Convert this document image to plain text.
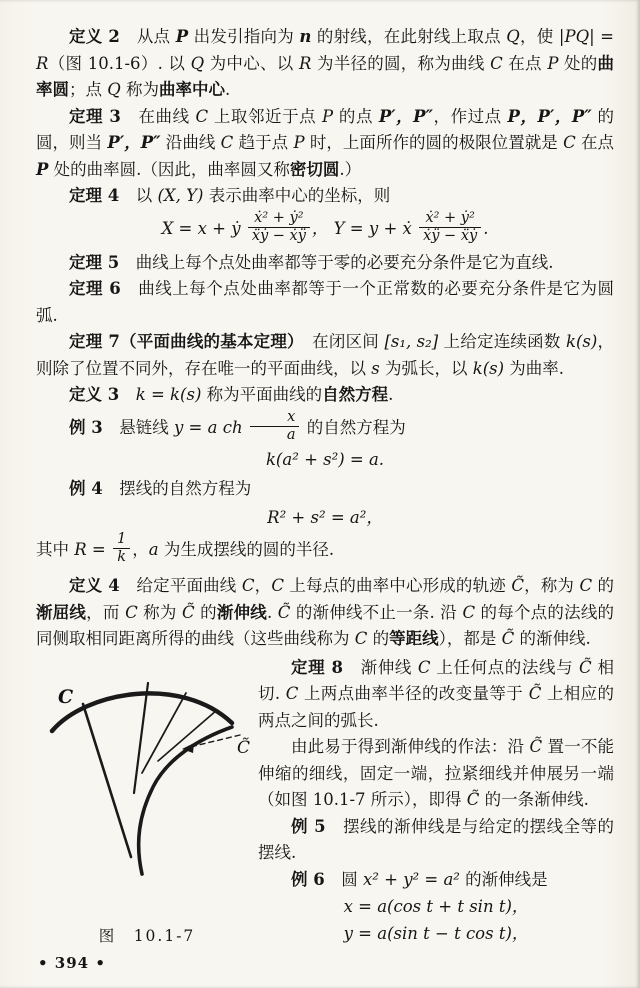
定义 2　从点 P 出发引指向为 n 的射线，在此射线上取点 Q，使 |PQ| = R（图 10.1-6）. 以 Q 为中心、以 R 为半径的圆，称为曲线 C 在点 P 处的曲率圆；点 Q 称为曲率中心.

定理 3　在曲线 C 上取邻近于点 P 的点 P′，P″，作过点 P，P′，P″ 的圆，则当 P′，P″ 沿曲线 C 趋于点 P 时，上面所作的圆的极限位置就是 C 在点 P 处的曲率圆.（因此，曲率圆又称密切圆.）

定理 4　以 (X, Y) 表示曲率中心的坐标，则

X = x + ẏ $\frac{\text{ẋ² + ẏ²}}{\text{ẍẏ − ẋÿ}}$ ， Y = y + ẋ $\frac{\text{ẋ² + ẏ²}}{\text{ẋÿ − ẍẏ}}$ .

定理 5　曲线上每个点处曲率都等于零的必要充分条件是它为直线.

定理 6　曲线上每个点处曲率都等于一个正常数的必要充分条件是它为圆弧.

定理 7（平面曲线的基本定理）　在闭区间 [s₁, s₂] 上给定连续函数 k(s)，则除了位置不同外，存在唯一的平面曲线，以 s 为弧长，以 k(s) 为曲率.

定义 3　 k = k(s) 称为平面曲线的自然方程.

例 3　悬链线 y = a ch $\frac{x}{a}$ 的自然方程为

k(a² + s²) = a.

例 4　摆线的自然方程为

R² + s² = a²，

其中 $R = \frac{1}{k}$ ，a 为生成摆线的圆的半径.

定义 4　给定平面曲线 C，C 上每点的曲率中心形成的轨迹 C̃，称为 C 的渐屈线，而 C 称为 C̃ 的渐伸线. C̃ 的渐伸线不止一条. 沿 C 的每个点的法线的同侧取相同距离所得的曲线（这些曲线称为 C 的等距线），都是 C̃ 的渐伸线.

C
C̃
图　10.1-7

定理 8　渐伸线 C 上任何点的法线与 C̃ 相切. C 上两点曲率半径的改变量等于 C̃ 上相应的两点之间的弧长.

由此易于得到渐伸线的作法：沿 C̃ 置一不能伸缩的细线，固定一端，拉紧细线并伸展另一端（如图 10.1-7 所示），即得 C̃ 的一条渐伸线.

例 5　摆线的渐伸线是与给定的摆线全等的摆线.

例 6　圆 x² + y² = a² 的渐伸线是

x = a(cos t + t sin t)，
y = a(sin t − t cos t)，
• 394 •
